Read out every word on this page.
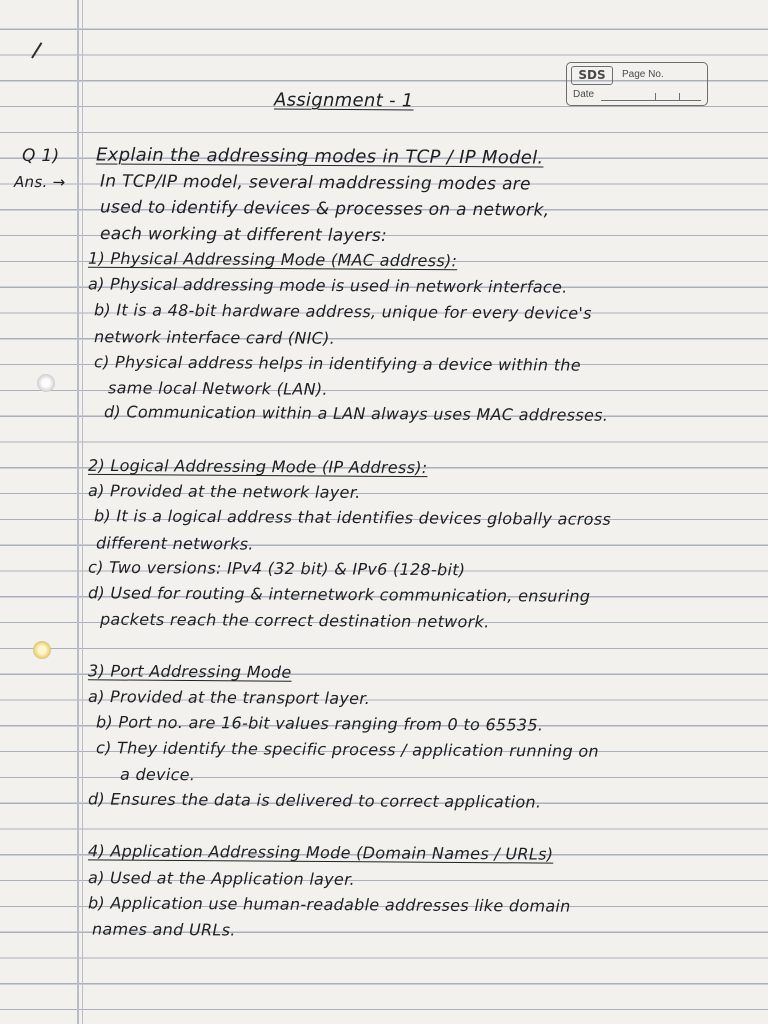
SDS	Page No.
Date
Assignment - 1
Q 1) Explain the addressing modes in TCP / IP Model.
Ans. → In TCP/IP model, several maddressing modes are
used to identify devices & processes on a network,
each working at different layers:
1) Physical Addressing Mode (MAC address):
a) Physical addressing mode is used in network interface.
b) It is a 48-bit hardware address, unique for every device's
network interface card (NIC).
c) Physical address helps in identifying a device within the
same local Network (LAN).
d) Communication within a LAN always uses MAC addresses.
2) Logical Addressing Mode (IP Address):
a) Provided at the network layer.
b) It is a logical address that identifies devices globally across
different networks.
c) Two versions: IPv4 (32 bit) & IPv6 (128-bit)
d) Used for routing & internetwork communication, ensuring
packets reach the correct destination network.
3) Port Addressing Mode
a) Provided at the transport layer.
b) Port no. are 16-bit values ranging from 0 to 65535.
c) They identify the specific process / application running on
a device.
d) Ensures the data is delivered to correct application.
4) Application Addressing Mode (Domain Names / URLs)
a) Used at the Application layer.
b) Application use human-readable addresses like domain
names and URLs.
